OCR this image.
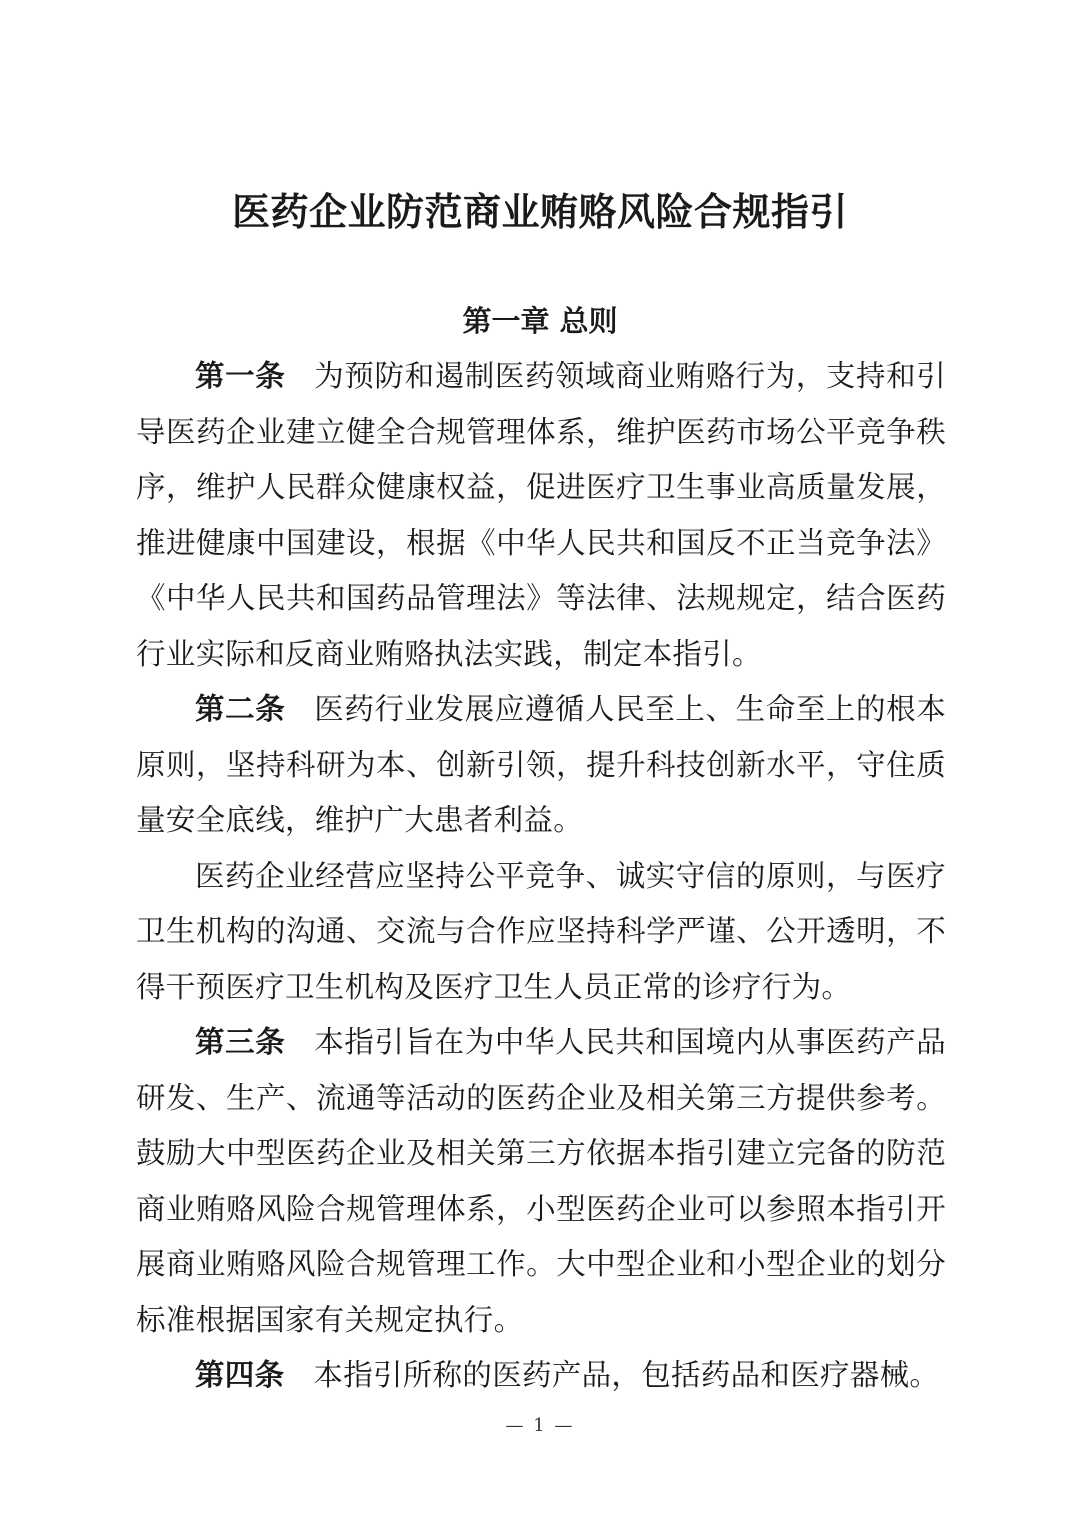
医药企业防范商业贿赂风险合规指引
第一章 总则

第一条 为预防和遏制医药领域商业贿赂行为，支持和引导医药企业建立健全合规管理体系，维护医药市场公平竞争秩序，维护人民群众健康权益，促进医疗卫生事业高质量发展，推进健康中国建设，根据《中华人民共和国反不正当竞争法》《中华人民共和国药品管理法》等法律、法规规定，结合医药行业实际和反商业贿赂执法实践，制定本指引。

第二条 医药行业发展应遵循人民至上、生命至上的根本原则，坚持科研为本、创新引领，提升科技创新水平，守住质量安全底线，维护广大患者利益。

医药企业经营应坚持公平竞争、诚实守信的原则，与医疗卫生机构的沟通、交流与合作应坚持科学严谨、公开透明，不得干预医疗卫生机构及医疗卫生人员正常的诊疗行为。

第三条 本指引旨在为中华人民共和国境内从事医药产品研发、生产、流通等活动的医药企业及相关第三方提供参考。鼓励大中型医药企业及相关第三方依据本指引建立完备的防范商业贿赂风险合规管理体系，小型医药企业可以参照本指引开展商业贿赂风险合规管理工作。大中型企业和小型企业的划分标准根据国家有关规定执行。

第四条 本指引所称的医药产品，包括药品和医疗器械。

— 1 —
